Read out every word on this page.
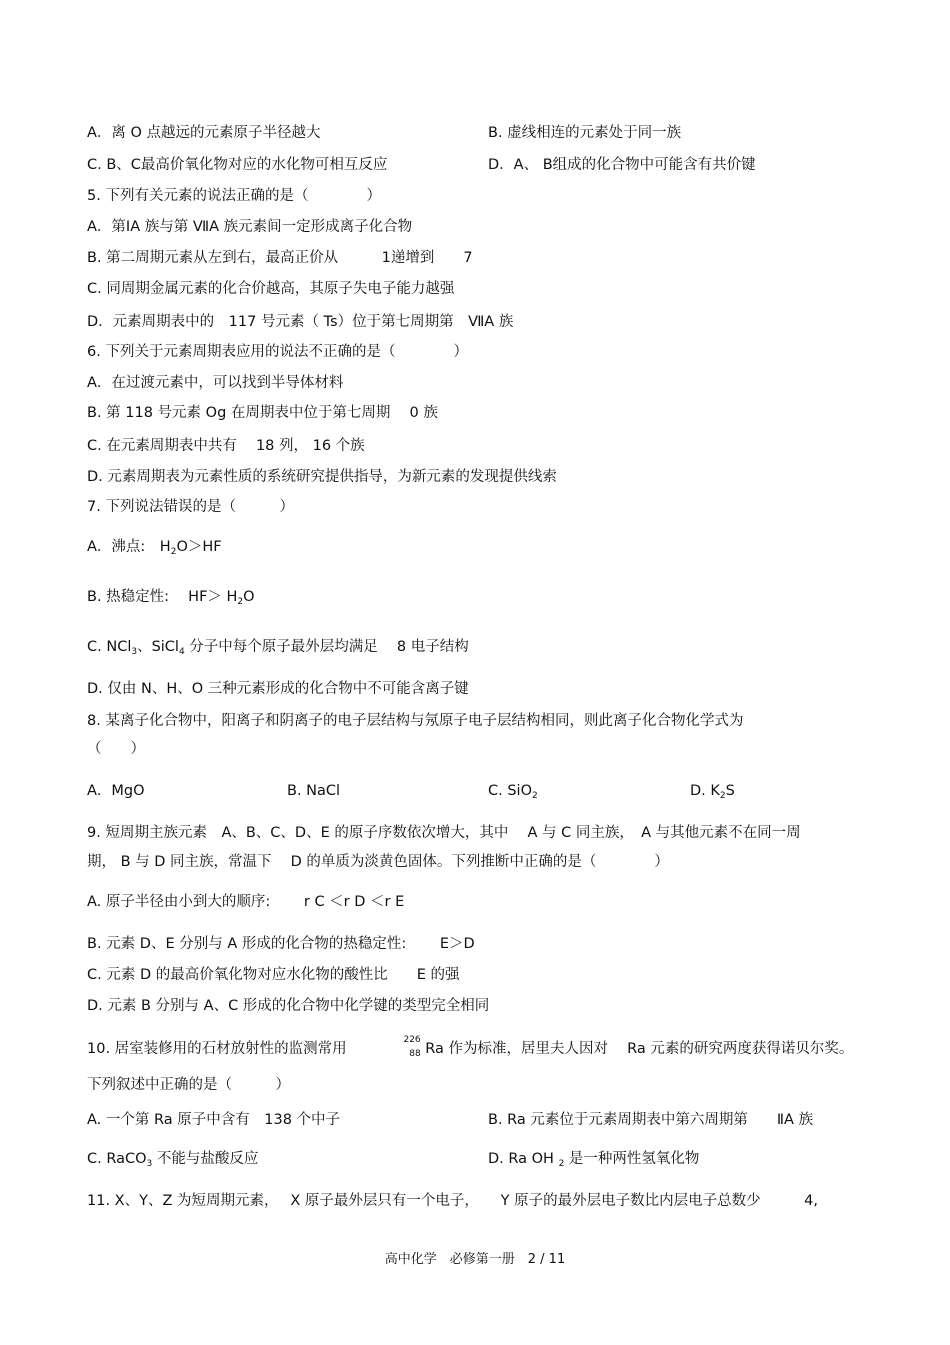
A．离 O 点越远的元素原子半径越大	B. 虚线相连的元素处于同一族
C. B、C最高价氧化物对应的水化物可相互反应	D．A、 B组成的化合物中可能含有共价键
5. 下列有关元素的说法正确的是（　　　　）
A．第ⅠA 族与第 ⅦA 族元素间一定形成离子化合物
B. 第二周期元素从左到右，最高正价从　　　1递增到　　7
C. 同周期金属元素的化合价越高，其原子失电子能力越强
D．元素周期表中的　117 号元素（ Ts）位于第七周期第　ⅦA 族
6. 下列关于元素周期表应用的说法不正确的是（　　　　）
A．在过渡元素中，可以找到半导体材料
B. 第 118 号元素 Og 在周期表中位于第七周期　 0 族
C. 在元素周期表中共有　 18 列， 16 个族
D. 元素周期表为元素性质的系统研究提供指导，为新元素的发现提供线索
7. 下列说法错误的是（　　　）
A．沸点:　$H_2O>HF$
B. 热稳定性:　 $HF> H_2O$
C. NCl$_3$、SiCl$_4$ 分子中每个原子最外层均满足　 8 电子结构
D. 仅由 N、H、O 三种元素形成的化合物中不可能含离子键
8. 某离子化合物中，阳离子和阴离子的电子层结构与氖原子电子层结构相同，则此离子化合物化学式为
（　　）
A．MgO	B. NaCl	C. SiO$_2$	D. $K_2S$
9. 短周期主族元素　A、B、C、D、E 的原子序数依次增大，其中　 A 与 C 同主族，　A 与其他元素不在同一周
期， B 与 D 同主族，常温下　 D 的单质为淡黄色固体。下列推断中正确的是（　　　　）
A. 原子半径由小到大的顺序:　　 r C ＜r D ＜r E
B. 元素 D、E 分别与 A 形成的化合物的热稳定性:　　 E＞D
C. 元素 D 的最高价氧化物对应水化物的酸性比　　E 的强
D. 元素 B 分别与 A、C 形成的化合物中化学键的类型完全相同
10. 居室装修用的石材放射性的监测常用　　　　
226
88 Ra 作为标准，居里夫人因对　 Ra 元素的研究两度获得诺贝尔奖。
下列叙述中正确的是（　　　）
A. 一个第 Ra 原子中含有　138 个中子	B. Ra 元素位于元素周期表中第六周期第　　ⅡA 族
C. RaCO$_3$ 不能与盐酸反应	D. Ra OH $_2$ 是一种两性氢氧化物
11. X、Y、Z 为短周期元素，　 X 原子最外层只有一个电子，　　Y 原子的最外层电子数比内层电子总数少　　　4,
高中化学　必修第一册　2 / 11
